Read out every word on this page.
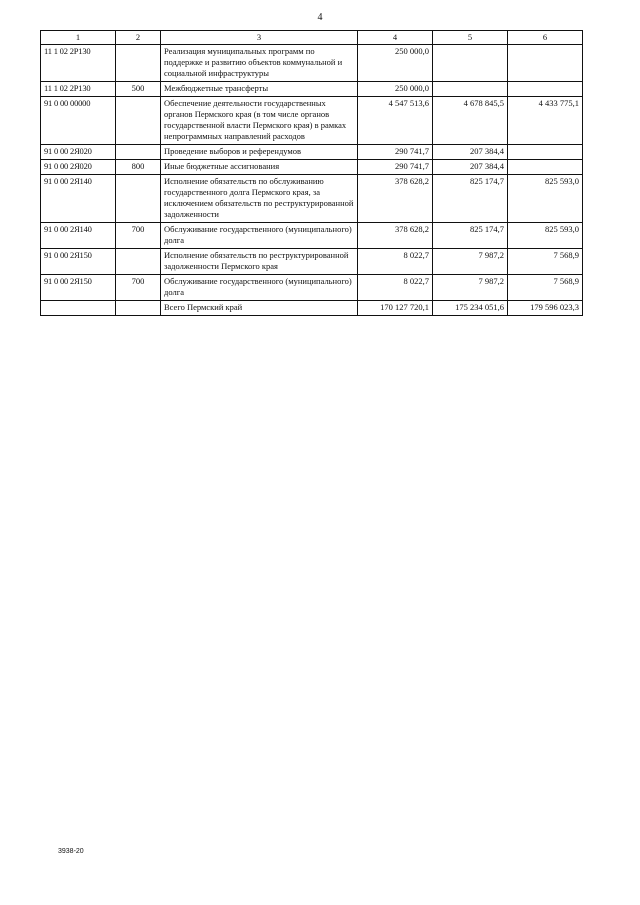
4
1	2	3	4	5	6
11 1 02 2Р130		Реализация муниципальных программ по поддержке и развитию объектов коммунальной и социальной инфраструктуры	250 000,0		
11 1 02 2Р130	500	Межбюджетные трансферты	250 000,0		
91 0 00 00000		Обеспечение деятельности государственных органов Пермского края (в том числе органов государственной власти Пермского края) в рамках непрограммных направлений расходов	4 547 513,6	4 678 845,5	4 433 775,1
91 0 00 2Я020		Проведение выборов и референдумов	290 741,7	207 384,4	
91 0 00 2Я020	800	Иные бюджетные ассигнования	290 741,7	207 384,4	
91 0 00 2Я140		Исполнение обязательств по обслуживанию государственного долга Пермского края, за исключением обязательств по реструктурированной задолженности	378 628,2	825 174,7	825 593,0
91 0 00 2Я140	700	Обслуживание государственного (муниципального) долга	378 628,2	825 174,7	825 593,0
91 0 00 2Я150		Исполнение обязательств по реструктурированной задолженности Пермского края	8 022,7	7 987,2	7 568,9
91 0 00 2Я150	700	Обслуживание государственного (муниципального) долга	8 022,7	7 987,2	7 568,9
		Всего Пермский край	170 127 720,1	175 234 051,6	179 596 023,3
3938-20
